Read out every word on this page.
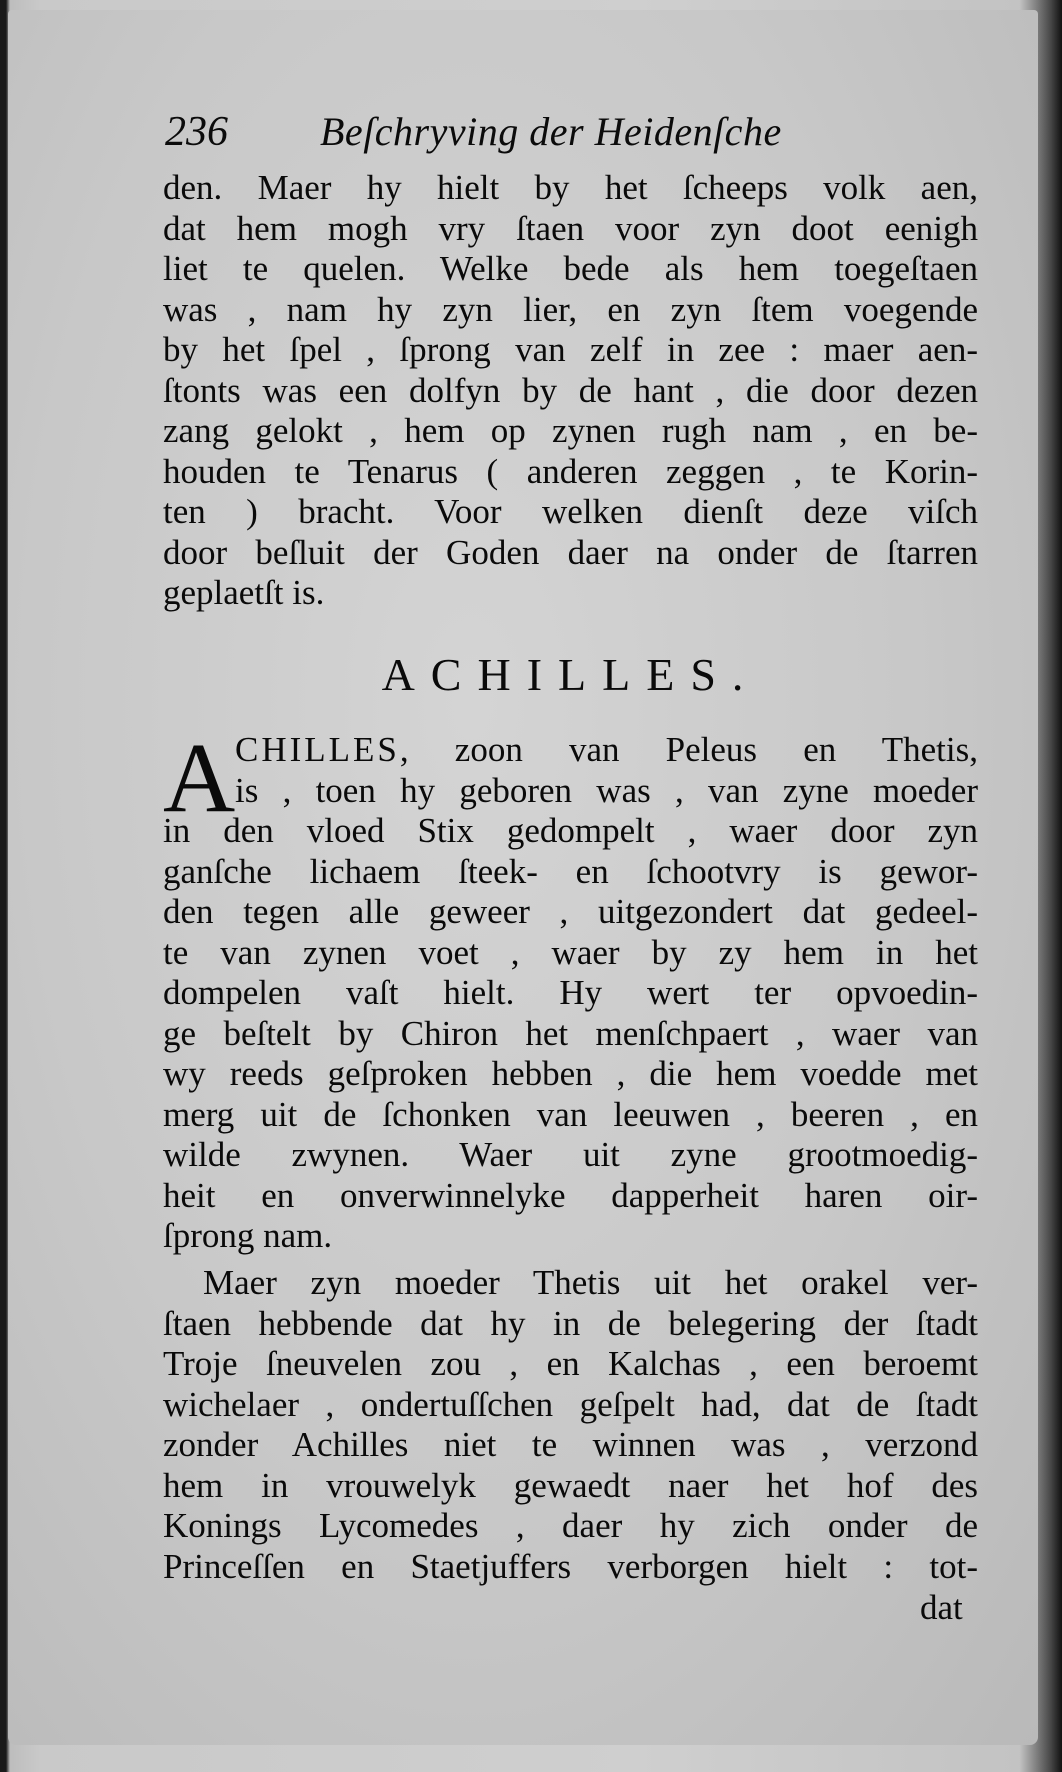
236 Beſchryving der Heidenſche
den. Maer hy hielt by het ſcheeps volk aen,
dat hem mogh vry ſtaen voor zyn doot eenigh
liet te quelen. Welke bede als hem toegeſtaen
was , nam hy zyn lier, en zyn ſtem voegende
by het ſpel , ſprong van zelf in zee : maer aen-
ſtonts was een dolfyn by de hant , die door dezen
zang gelokt , hem op zynen rugh nam , en be-
houden te Tenarus ( anderen zeggen , te Korin-
ten ) bracht. Voor welken dienſt deze viſch
door beſluit der Goden daer na onder de ſtarren
geplaetſt is.
ACHILLES.
A CHILLES, zoon van Peleus en Thetis,
is , toen hy geboren was , van zyne moeder
in den vloed Stix gedompelt , waer door zyn
ganſche lichaem ſteek- en ſchootvry is gewor-
den tegen alle geweer , uitgezondert dat gedeel-
te van zynen voet , waer by zy hem in het
dompelen vaſt hielt. Hy wert ter opvoedin-
ge beſtelt by Chiron het menſchpaert , waer van
wy reeds geſproken hebben , die hem voedde met
merg uit de ſchonken van leeuwen , beeren , en
wilde zwynen. Waer uit zyne grootmoedig-
heit en onverwinnelyke dapperheit haren oir-
ſprong nam.
Maer zyn moeder Thetis uit het orakel ver-
ſtaen hebbende dat hy in de belegering der ſtadt
Troje ſneuvelen zou , en Kalchas , een beroemt
wichelaer , ondertuſſchen geſpelt had, dat de ſtadt
zonder Achilles niet te winnen was , verzond
hem in vrouwelyk gewaedt naer het hof des
Konings Lycomedes , daer hy zich onder de
Princeſſen en Staetjuffers verborgen hielt : tot-
dat
